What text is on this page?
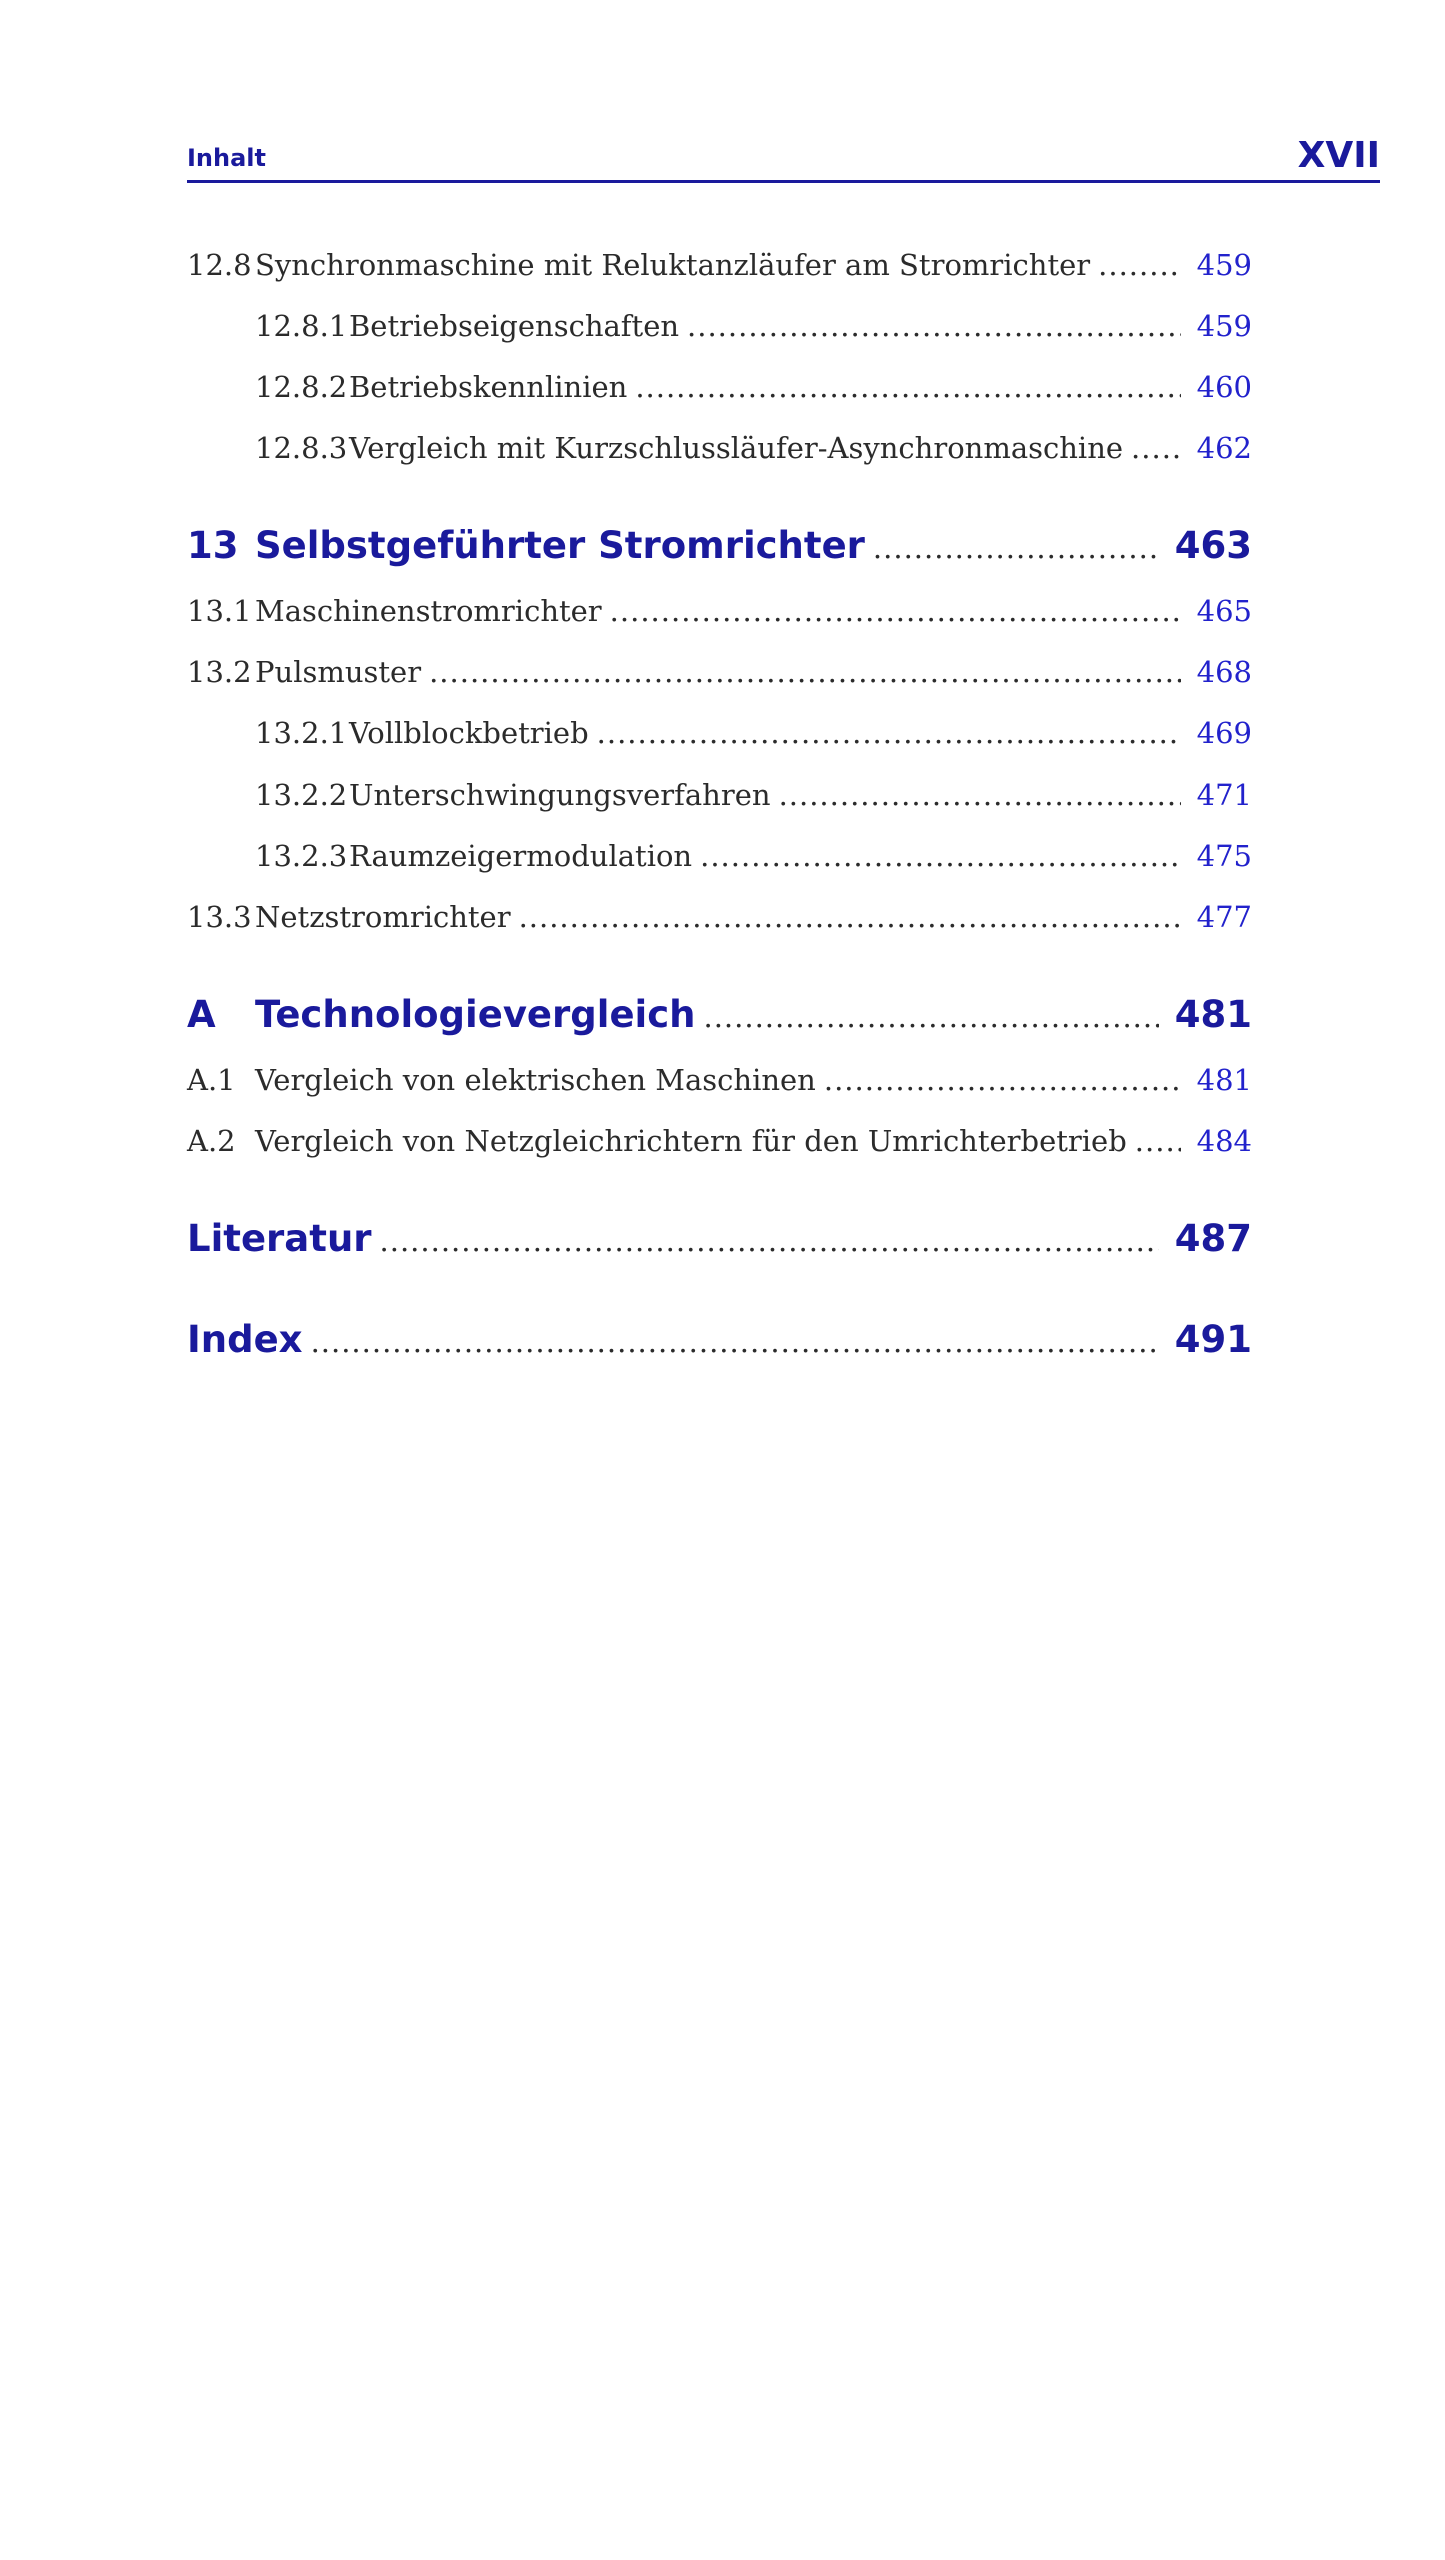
Inhalt	XVII
12.8 Synchronmaschine mit Reluktanzläufer am Stromrichter .....	459
12.8.1 Betriebseigenschaften .....	459
12.8.2 Betriebskennlinien .....	460
12.8.3 Vergleich mit Kurzschlussläufer-Asynchronmaschine .....	462
13 Selbstgeführter Stromrichter .....	463
13.1 Maschinenstromrichter .....	465
13.2 Pulsmuster .....	468
13.2.1 Vollblockbetrieb .....	469
13.2.2 Unterschwingungsverfahren .....	471
13.2.3 Raumzeigermodulation .....	475
13.3 Netzstromrichter .....	477
A	Technologievergleich .....	481
A.1 Vergleich von elektrischen Maschinen .....	481
A.2 Vergleich von Netzgleichrichtern für den Umrichterbetrieb ..... 484
Literatur .....	487
Index .....	491
